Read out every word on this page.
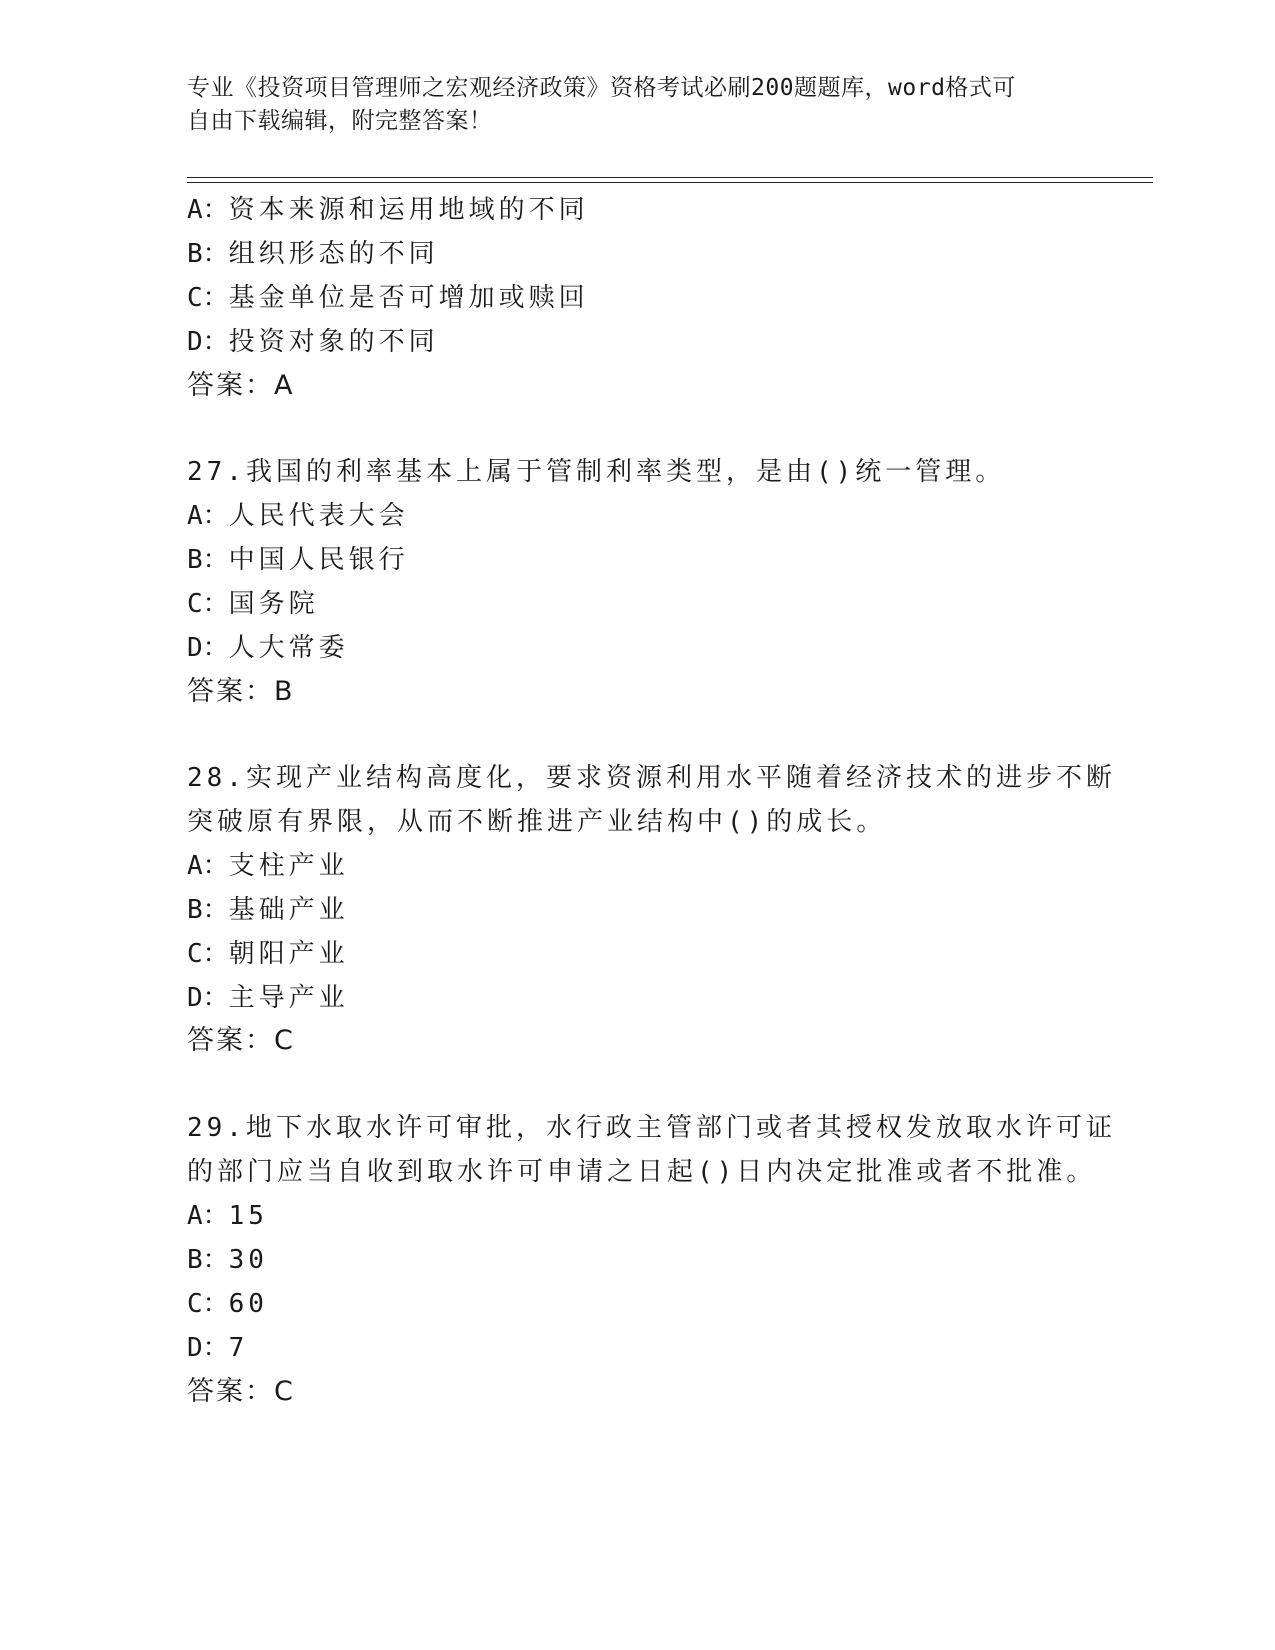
专业《投资项目管理师之宏观经济政策》资格考试必刷200题题库，word格式可
自由下载编辑，附完整答案！
A：资本来源和运用地域的不同
B：组织形态的不同
C：基金单位是否可增加或赎回
D：投资对象的不同
答案：A
27.我国的利率基本上属于管制利率类型，是由()统一管理。
A：人民代表大会
B：中国人民银行
C：国务院
D：人大常委
答案：B
28.实现产业结构高度化，要求资源利用水平随着经济技术的进步不断
突破原有界限，从而不断推进产业结构中()的成长。
A：支柱产业
B：基础产业
C：朝阳产业
D：主导产业
答案：C
29.地下水取水许可审批，水行政主管部门或者其授权发放取水许可证
的部门应当自收到取水许可申请之日起()日内决定批准或者不批准。
A：15
B：30
C：60
D：7
答案：C
